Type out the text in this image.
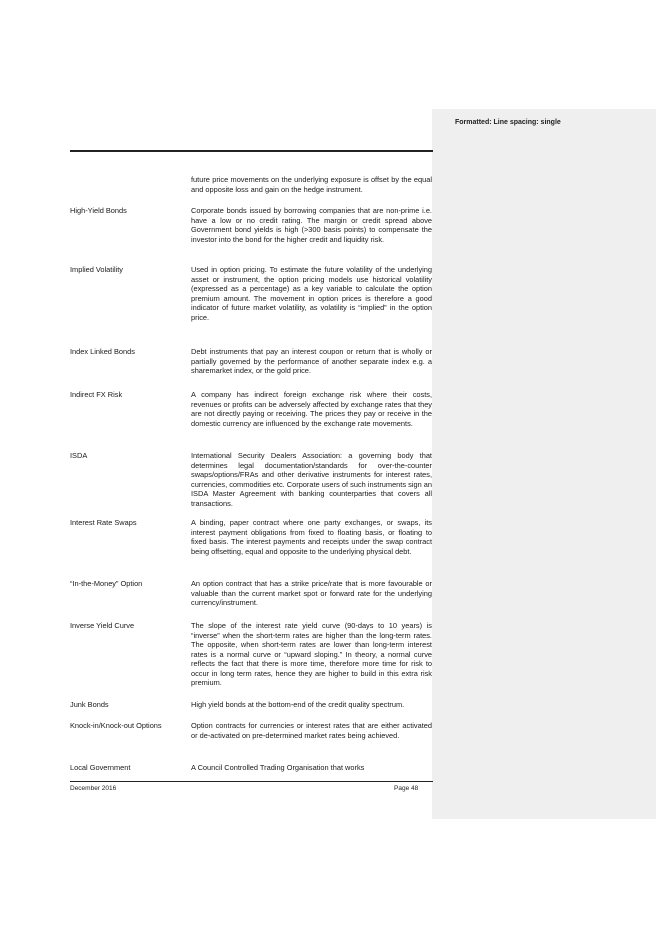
Formatted: Line spacing: single
future price movements on the underlying exposure is offset by the equal and opposite loss and gain on the hedge instrument.
High-Yield Bonds	Corporate bonds issued by borrowing companies that are non-prime i.e. have a low or no credit rating. The margin or credit spread above Government bond yields is high (>300 basis points) to compensate the investor into the bond for the higher credit and liquidity risk.
Implied Volatility	Used in option pricing. To estimate the future volatility of the underlying asset or instrument, the option pricing models use historical volatility (expressed as a percentage) as a key variable to calculate the option premium amount. The movement in option prices is therefore a good indicator of future market volatility, as volatility is “implied” in the option price.
Index Linked Bonds	Debt instruments that pay an interest coupon or return that is wholly or partially governed by the performance of another separate index e.g. a sharemarket index, or the gold price.
Indirect FX Risk	A company has indirect foreign exchange risk where their costs, revenues or profits can be adversely affected by exchange rates that they are not directly paying or receiving. The prices they pay or receive in the domestic currency are influenced by the exchange rate movements.
ISDA	International Security Dealers Association: a governing body that determines legal documentation/standards for over-the-counter swaps/options/FRAs and other derivative instruments for interest rates, currencies, commodities etc. Corporate users of such instruments sign an ISDA Master Agreement with banking counterparties that covers all transactions.
Interest Rate Swaps	A binding, paper contract where one party exchanges, or swaps, its interest payment obligations from fixed to floating basis, or floating to fixed basis. The interest payments and receipts under the swap contract being offsetting, equal and opposite to the underlying physical debt.
“In-the-Money” Option	An option contract that has a strike price/rate that is more favourable or valuable than the current market spot or forward rate for the underlying currency/instrument.
Inverse Yield Curve	The slope of the interest rate yield curve (90-days to 10 years) is “inverse” when the short-term rates are higher than the long-term rates. The opposite, when short-term rates are lower than long-term interest rates is a normal curve or “upward sloping.” In theory, a normal curve reflects the fact that there is more time, therefore more time for risk to occur in long term rates, hence they are higher to build in this extra risk premium.
Junk Bonds	High yield bonds at the bottom-end of the credit quality spectrum.
Knock-in/Knock-out Options	Option contracts for currencies or interest rates that are either activated or de-activated on pre-determined market rates being achieved.
Local Government	A Council Controlled Trading Organisation that works
December 2016	Page 48
